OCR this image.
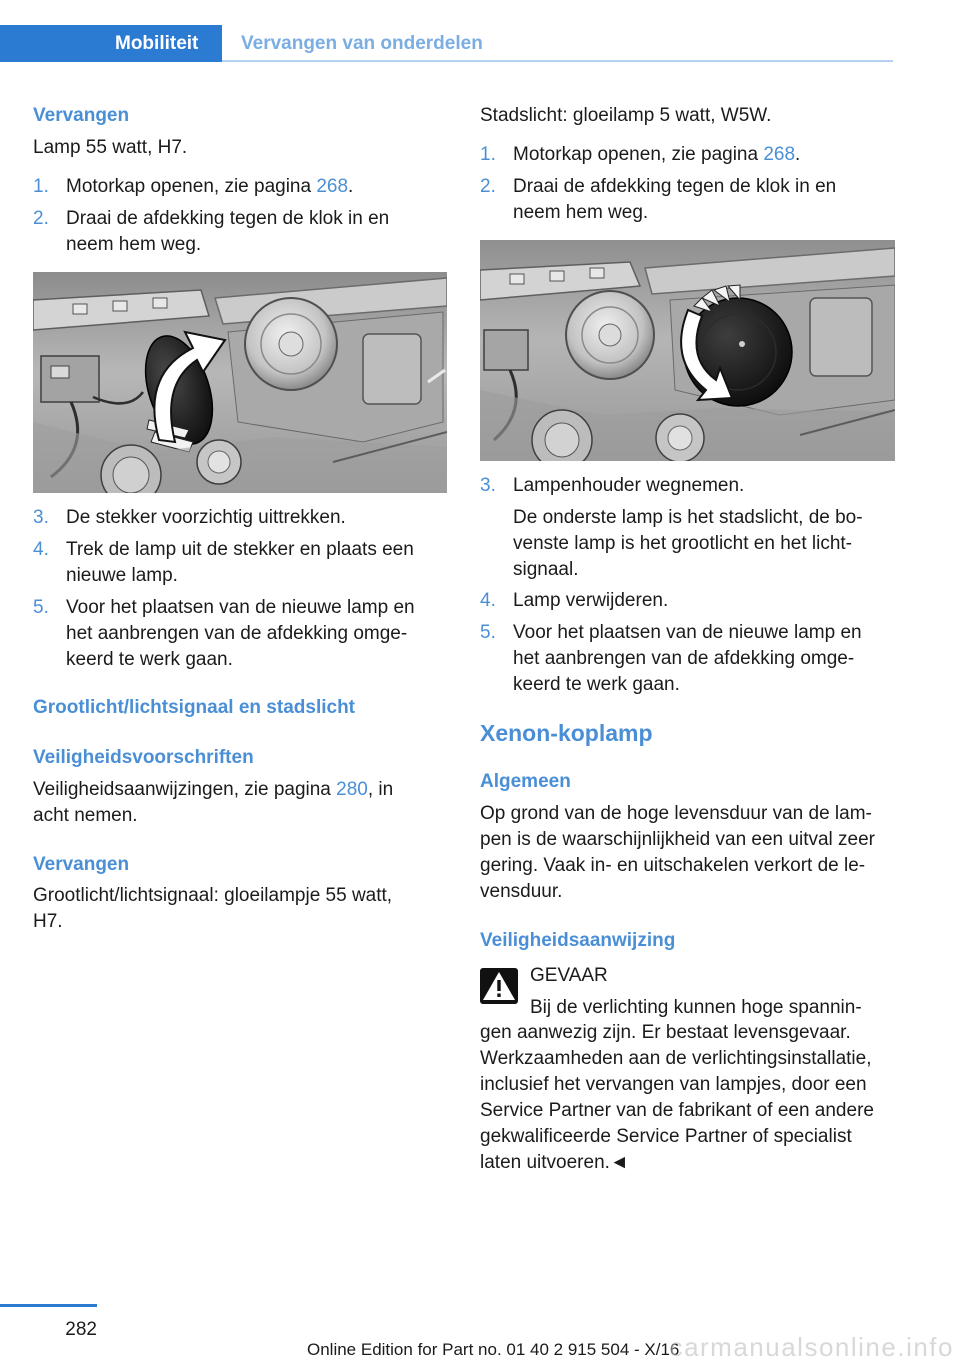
Mobiliteit	Vervangen van onderdelen
Vervangen
Lamp 55 watt, H7.
1. Motorkap openen, zie pagina 268.
2. Draai de afdekking tegen de klok in en
neem hem weg.
3. De stekker voorzichtig uittrekken.
4. Trek de lamp uit de stekker en plaats een
nieuwe lamp.
5. Voor het plaatsen van de nieuwe lamp en
het aanbrengen van de afdekking omge-
keerd te werk gaan.
Grootlicht/lichtsignaal en stadslicht
Veiligheidsvoorschriften
Veiligheidsaanwijzingen, zie pagina 280, in
acht nemen.
Vervangen
Grootlicht/lichtsignaal: gloeilampje 55 watt,
H7.
Stadslicht: gloeilamp 5 watt, W5W.
1. Motorkap openen, zie pagina 268.
2. Draai de afdekking tegen de klok in en
neem hem weg.
3. Lampenhouder wegnemen.
De onderste lamp is het stadslicht, de bo-
venste lamp is het grootlicht en het licht-
signaal.
4. Lamp verwijderen.
5. Voor het plaatsen van de nieuwe lamp en
het aanbrengen van de afdekking omge-
keerd te werk gaan.
Xenon-koplamp
Algemeen
Op grond van de hoge levensduur van de lam-
pen is de waarschijnlijkheid van een uitval zeer
gering. Vaak in- en uitschakelen verkort de le-
vensduur.
Veiligheidsaanwijzing
GEVAAR
Bij de verlichting kunnen hoge spannin-
gen aanwezig zijn. Er bestaat levensgevaar.
Werkzaamheden aan de verlichtingsinstallatie,
inclusief het vervangen van lampjes, door een
Service Partner van de fabrikant of een andere
gekwalificeerde Service Partner of specialist
laten uitvoeren.◄
282
Online Edition for Part no. 01 40 2 915 504 - X/16
carmanualsonline.info
